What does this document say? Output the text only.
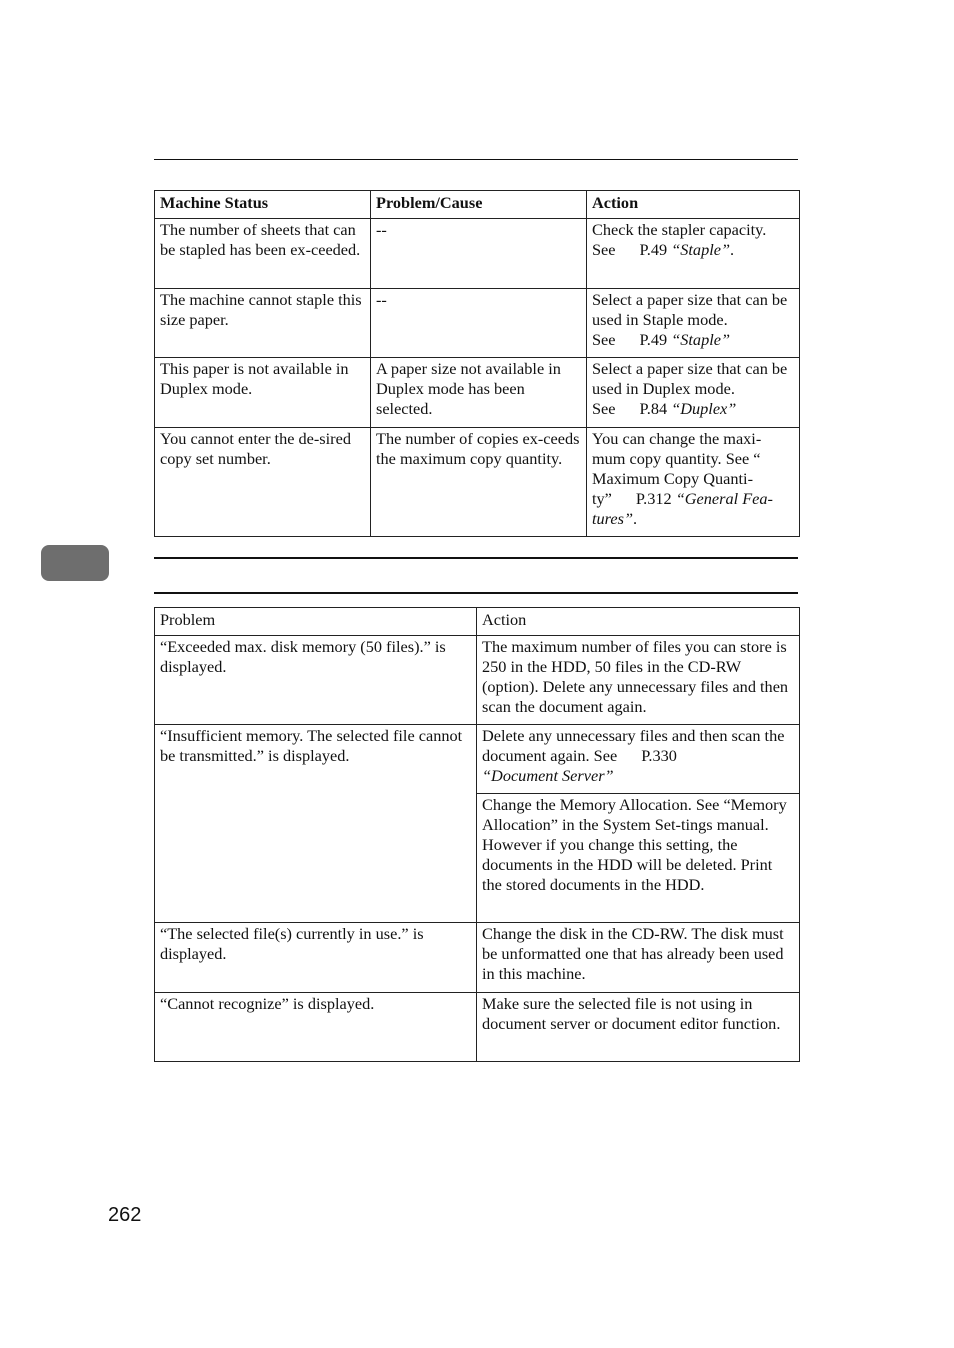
Machine Status	Problem/Cause	Action
The number of sheets that can be stapled has been ex-ceeded.	--	Check the stapler capacity. See P.49 “Staple”.
The machine cannot staple this size paper.	--	Select a paper size that can be used in Staple mode. See P.49 “Staple”
This paper is not available in Duplex mode.	A paper size not available in Duplex mode has been selected.	Select a paper size that can be used in Duplex mode. See P.84 “Duplex”
You cannot enter the de-sired copy set number.	The number of copies ex-ceeds the maximum copy quantity.	You can change the maxi-mum copy quantity. See “ Maximum Copy Quanti-ty” P.312 “General Fea-tures”.
Problem	Action
“Exceeded max. disk memory (50 files).” is displayed.	The maximum number of files you can store is 250 in the HDD, 50 files in the CD-RW (option). Delete any unnecessary files and then scan the document again.
“Insufficient memory. The selected file cannot be transmitted.” is displayed.	Delete any unnecessary files and then scan the document again. See P.330
“Document Server”
	Change the Memory Allocation. See “Memory Allocation” in the System Set-tings manual. However if you change this setting, the documents in the HDD will be deleted. Print the stored documents in the HDD.
“The selected file(s) currently in use.” is displayed.	Change the disk in the CD-RW. The disk must be unformatted one that has already been used in this machine.
“Cannot recognize” is displayed.	Make sure the selected file is not using in document server or document editor function.
262
